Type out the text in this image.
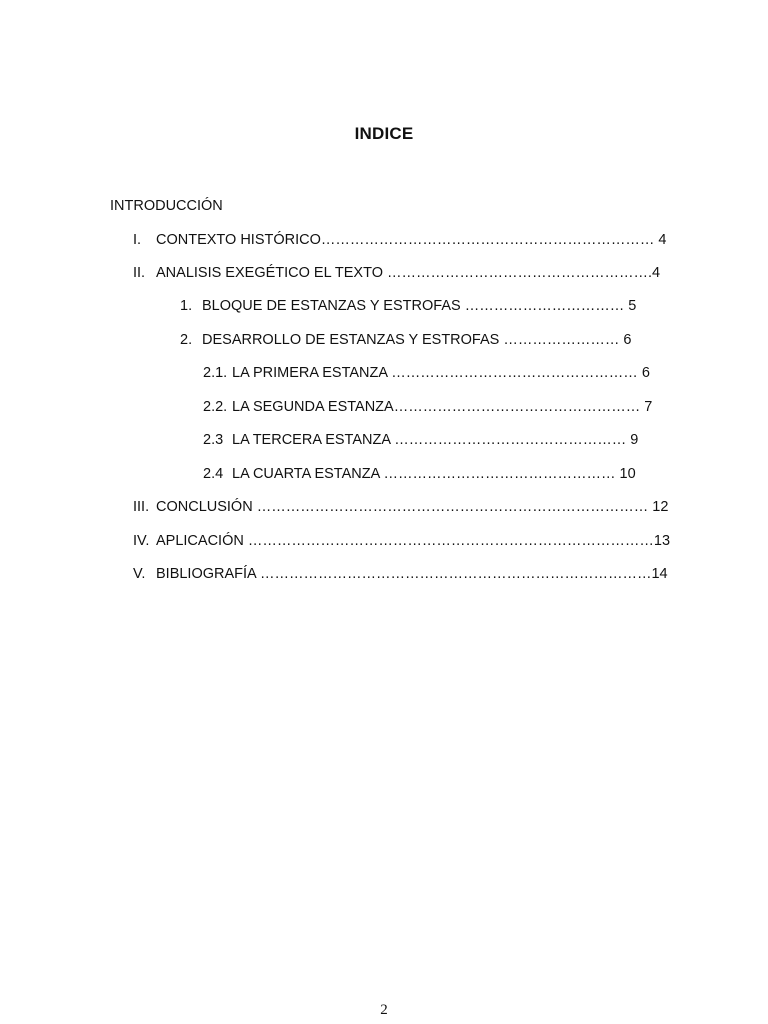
INDICE
INTRODUCCIÓN
I. CONTEXTO HISTÓRICO…………………………………………………………… 4
II. ANALISIS EXEGÉTICO EL TEXTO ……………………………………………….4
1. BLOQUE DE ESTANZAS Y ESTROFAS …………………………… 5
2. DESARROLLO DE ESTANZAS Y ESTROFAS …………………… 6
2.1. LA PRIMERA ESTANZA …………………………………………… 6
2.2. LA SEGUNDA ESTANZA…………………………………………… 7
2.3 LA TERCERA ESTANZA ………………………………………… 9
2.4 LA CUARTA ESTANZA ………………………………………… 10
III. CONCLUSIÓN ……………………………………………………………………… 12
IV. APLICACIÓN …………………………………………………………………………13
V. BIBLIOGRAFÍA ………………………………………………………………………14
2
